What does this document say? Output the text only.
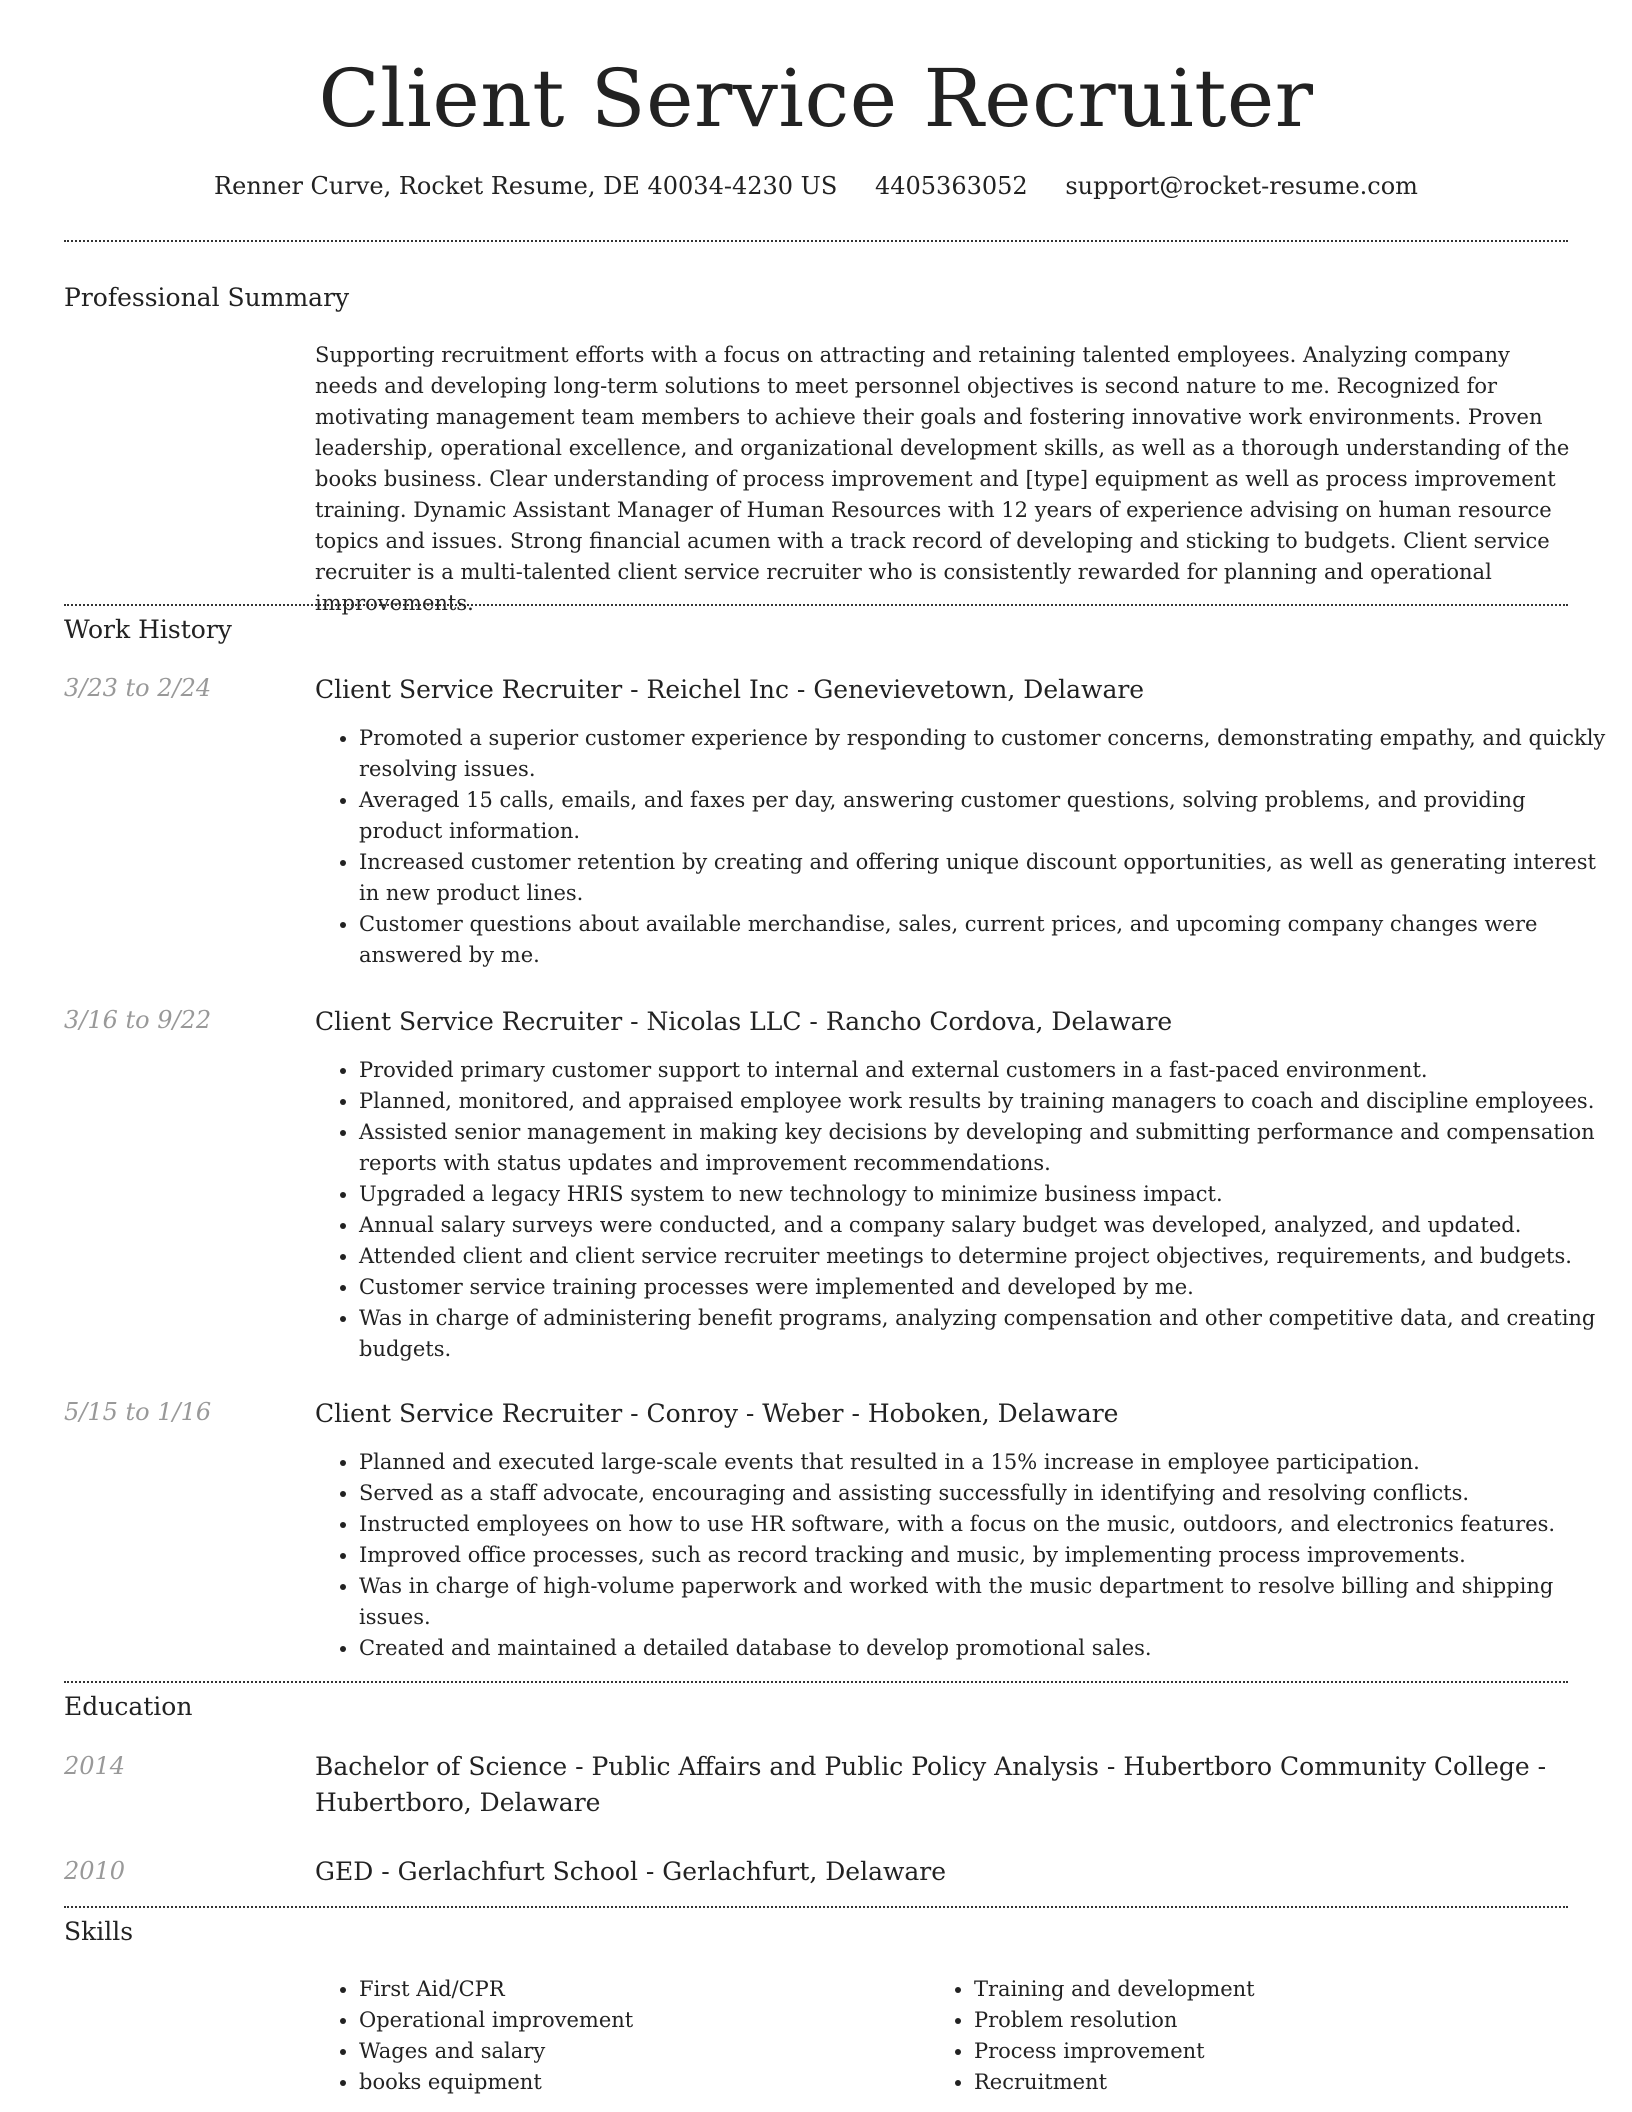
Client Service Recruiter
Renner Curve, Rocket Resume, DE 40034-4230 US 4405363052 support@rocket-resume.com
Professional Summary

Supporting recruitment efforts with a focus on attracting and retaining talented employees. Analyzing company needs and developing long-term solutions to meet personnel objectives is second nature to me. Recognized for motivating management team members to achieve their goals and fostering innovative work environments. Proven leadership, operational excellence, and organizational development skills, as well as a thorough understanding of the books business. Clear understanding of process improvement and [type] equipment as well as process improvement training. Dynamic Assistant Manager of Human Resources with 12 years of experience advising on human resource topics and issues. Strong financial acumen with a track record of developing and sticking to budgets. Client service recruiter is a multi-talented client service recruiter who is consistently rewarded for planning and operational improvements.

Work History
3/23 to 2/24	Client Service Recruiter - Reichel Inc - Genevievetown, Delaware
• Promoted a superior customer experience by responding to customer concerns, demonstrating empathy, and quickly resolving issues.
• Averaged 15 calls, emails, and faxes per day, answering customer questions, solving problems, and providing product information.
• Increased customer retention by creating and offering unique discount opportunities, as well as generating interest in new product lines.
• Customer questions about available merchandise, sales, current prices, and upcoming company changes were answered by me.
3/16 to 9/22	Client Service Recruiter - Nicolas LLC - Rancho Cordova, Delaware
• Provided primary customer support to internal and external customers in a fast-paced environment.
• Planned, monitored, and appraised employee work results by training managers to coach and discipline employees.
• Assisted senior management in making key decisions by developing and submitting performance and compensation reports with status updates and improvement recommendations.
• Upgraded a legacy HRIS system to new technology to minimize business impact.
• Annual salary surveys were conducted, and a company salary budget was developed, analyzed, and updated.
• Attended client and client service recruiter meetings to determine project objectives, requirements, and budgets.
• Customer service training processes were implemented and developed by me.
• Was in charge of administering benefit programs, analyzing compensation and other competitive data, and creating budgets.
5/15 to 1/16	Client Service Recruiter - Conroy - Weber - Hoboken, Delaware
• Planned and executed large-scale events that resulted in a 15% increase in employee participation.
• Served as a staff advocate, encouraging and assisting successfully in identifying and resolving conflicts.
• Instructed employees on how to use HR software, with a focus on the music, outdoors, and electronics features.
• Improved office processes, such as record tracking and music, by implementing process improvements.
• Was in charge of high-volume paperwork and worked with the music department to resolve billing and shipping issues.
• Created and maintained a detailed database to develop promotional sales.
Education
2014	Bachelor of Science - Public Affairs and Public Policy Analysis - Hubertboro Community College - Hubertboro, Delaware
2010	GED - Gerlachfurt School - Gerlachfurt, Delaware
Skills
• First Aid/CPR
• Operational improvement
• Wages and salary
• books equipment
• Training and development
• Problem resolution
• Process improvement
• Recruitment
